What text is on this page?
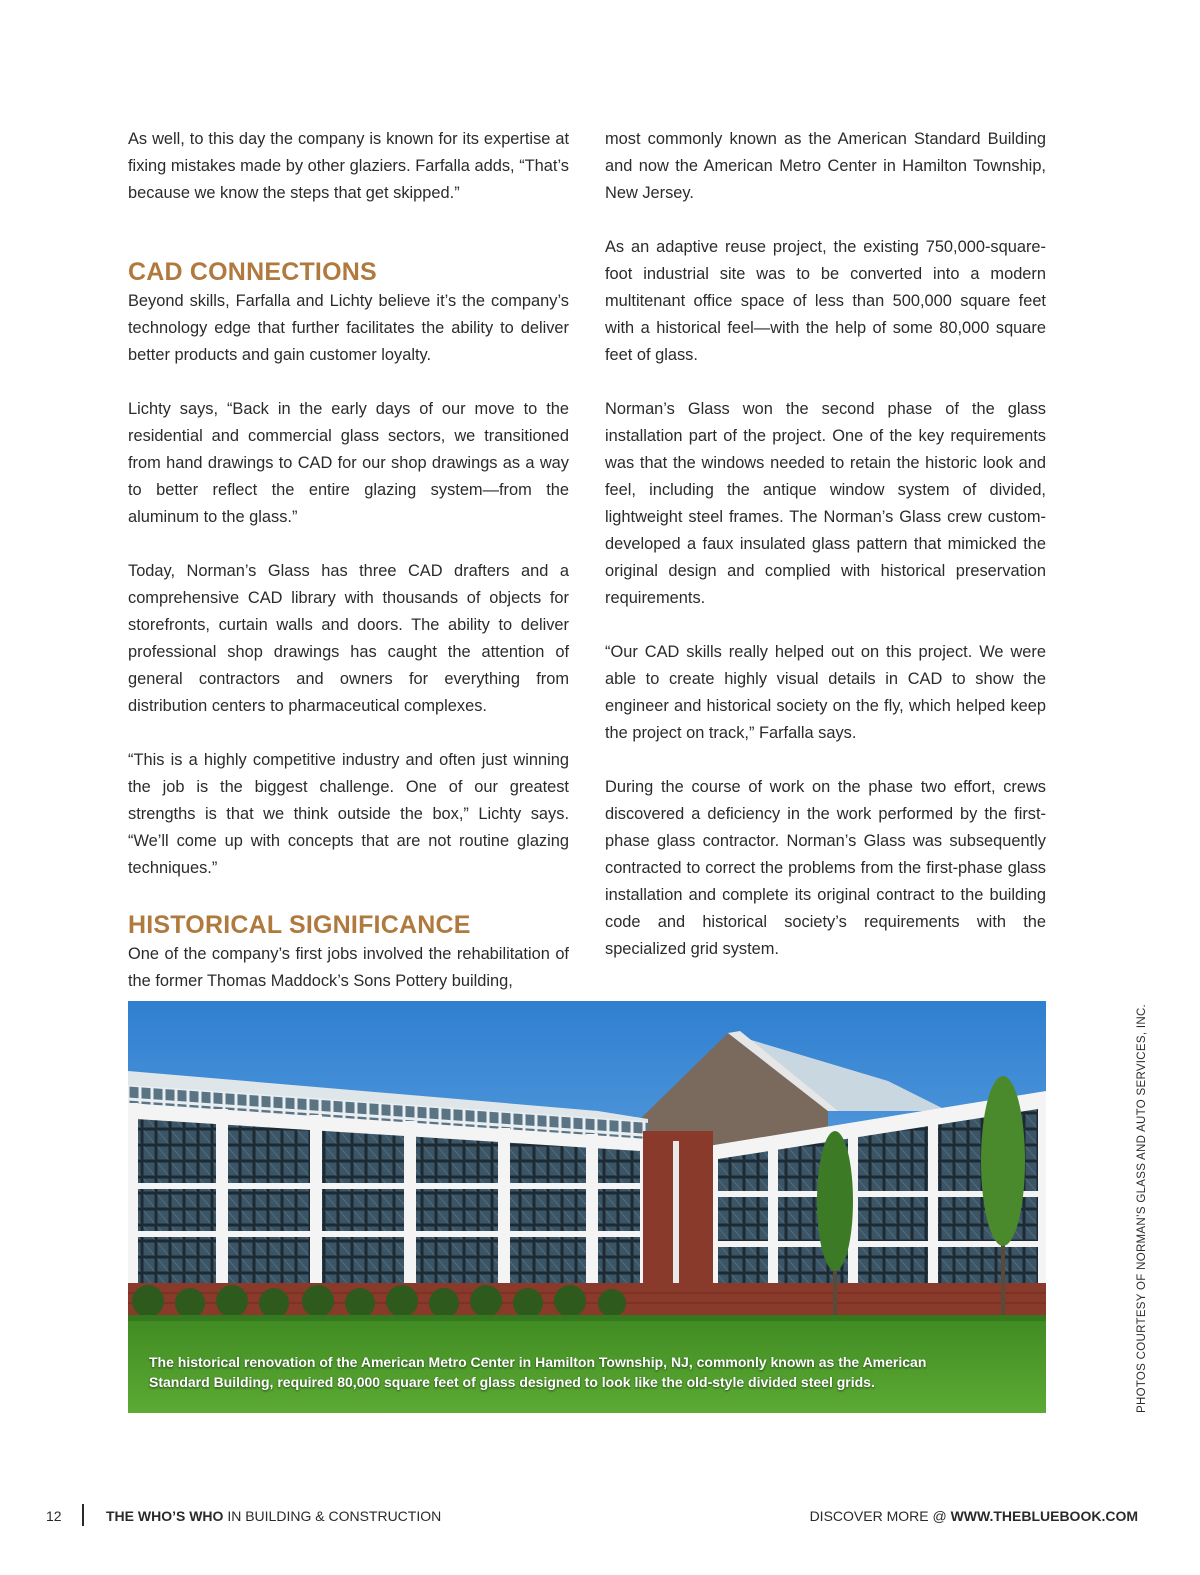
As well, to this day the company is known for its expertise at fixing mistakes made by other glaziers. Farfalla adds, “That’s because we know the steps that get skipped.”

CAD CONNECTIONS

Beyond skills, Farfalla and Lichty believe it’s the company’s technology edge that further facilitates the ability to deliver better products and gain customer loyalty.

Lichty says, “Back in the early days of our move to the residential and commercial glass sectors, we transitioned from hand drawings to CAD for our shop drawings as a way to better reflect the entire glazing system—from the aluminum to the glass.”

Today, Norman’s Glass has three CAD drafters and a comprehensive CAD library with thousands of objects for storefronts, curtain walls and doors. The ability to deliver professional shop drawings has caught the attention of general contractors and owners for everything from distribution centers to pharmaceutical complexes.

“This is a highly competitive industry and often just winning the job is the biggest challenge. One of our greatest strengths is that we think outside the box,” Lichty says. “We’ll come up with concepts that are not routine glazing techniques.”

HISTORICAL SIGNIFICANCE

One of the company’s first jobs involved the rehabilitation of the former Thomas Maddock’s Sons Pottery building,

most commonly known as the American Standard Building and now the American Metro Center in Hamilton Township, New Jersey.

As an adaptive reuse project, the existing 750,000-square-foot industrial site was to be converted into a modern multitenant office space of less than 500,000 square feet with a historical feel—with the help of some 80,000 square feet of glass.

Norman’s Glass won the second phase of the glass installation part of the project. One of the key requirements was that the windows needed to retain the historic look and feel, including the antique window system of divided, lightweight steel frames. The Norman’s Glass crew custom-developed a faux insulated glass pattern that mimicked the original design and complied with historical preservation requirements.

“Our CAD skills really helped out on this project. We were able to create highly visual details in CAD to show the engineer and historical society on the fly, which helped keep the project on track,” Farfalla says.

During the course of work on the phase two effort, crews discovered a deficiency in the work performed by the first-phase glass contractor. Norman’s Glass was subsequently contracted to correct the problems from the first-phase glass installation and complete its original contract to the building code and historical society’s requirements with the specialized grid system.

The historical renovation of the American Metro Center in Hamilton Township, NJ, commonly known as the American Standard Building, required 80,000 square feet of glass designed to look like the old-style divided steel grids.	PHOTOS COURTESY OF NORMAN’S GLASS AND AUTO SERVICES, INC.
12	THE WHO’S WHO IN BUILDING & CONSTRUCTION	DISCOVER MORE @ WWW.THEBLUEBOOK.COM
